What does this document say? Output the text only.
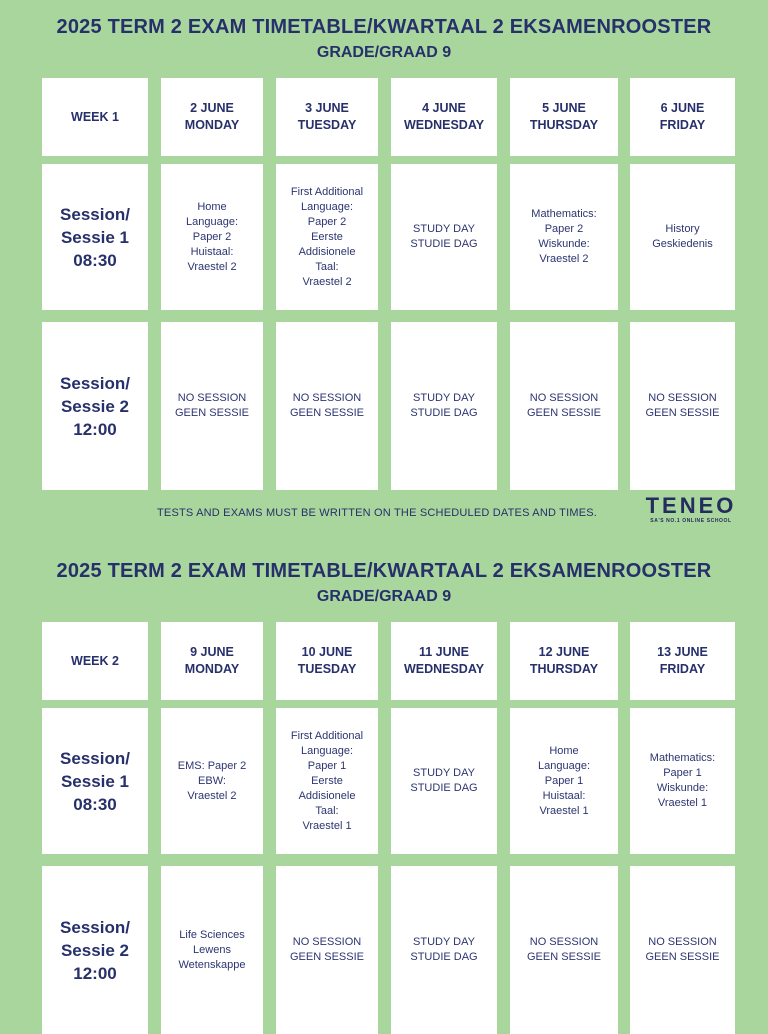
2025 TERM 2 EXAM TIMETABLE/KWARTAAL 2 EKSAMENROOSTER
GRADE/GRAAD 9
WEEK 1
2 JUNE
MONDAY
3 JUNE
TUESDAY
4 JUNE
WEDNESDAY
5 JUNE
THURSDAY
6 JUNE
FRIDAY
Session/
Sessie 1
08:30
Home
Language:
Paper 2
Huistaal:
Vraestel 2
First Additional
Language:
Paper 2
Eerste
Addisionele
Taal:
Vraestel 2
STUDY DAY
STUDIE DAG
Mathematics:
Paper 2
Wiskunde:
Vraestel 2
History
Geskiedenis
Session/
Sessie 2
12:00
NO SESSION
GEEN SESSIE
NO SESSION
GEEN SESSIE
STUDY DAY
STUDIE DAG
NO SESSION
GEEN SESSIE
NO SESSION
GEEN SESSIE
TESTS AND EXAMS MUST BE WRITTEN ON THE SCHEDULED DATES AND TIMES. TENEO
SA'S NO.1 ONLINE SCHOOL
2025 TERM 2 EXAM TIMETABLE/KWARTAAL 2 EKSAMENROOSTER
GRADE/GRAAD 9
WEEK 2
9 JUNE
MONDAY
10 JUNE
TUESDAY
11 JUNE
WEDNESDAY
12 JUNE
THURSDAY
13 JUNE
FRIDAY
Session/
Sessie 1
08:30
EMS: Paper 2
EBW:
Vraestel 2
First Additional
Language:
Paper 1
Eerste
Addisionele
Taal:
Vraestel 1
STUDY DAY
STUDIE DAG
Home
Language:
Paper 1
Huistaal:
Vraestel 1
Mathematics:
Paper 1
Wiskunde:
Vraestel 1
Session/
Sessie 2
12:00
Life Sciences
Lewens
Wetenskappe
NO SESSION
GEEN SESSIE
STUDY DAY
STUDIE DAG
NO SESSION
GEEN SESSIE
NO SESSION
GEEN SESSIE
